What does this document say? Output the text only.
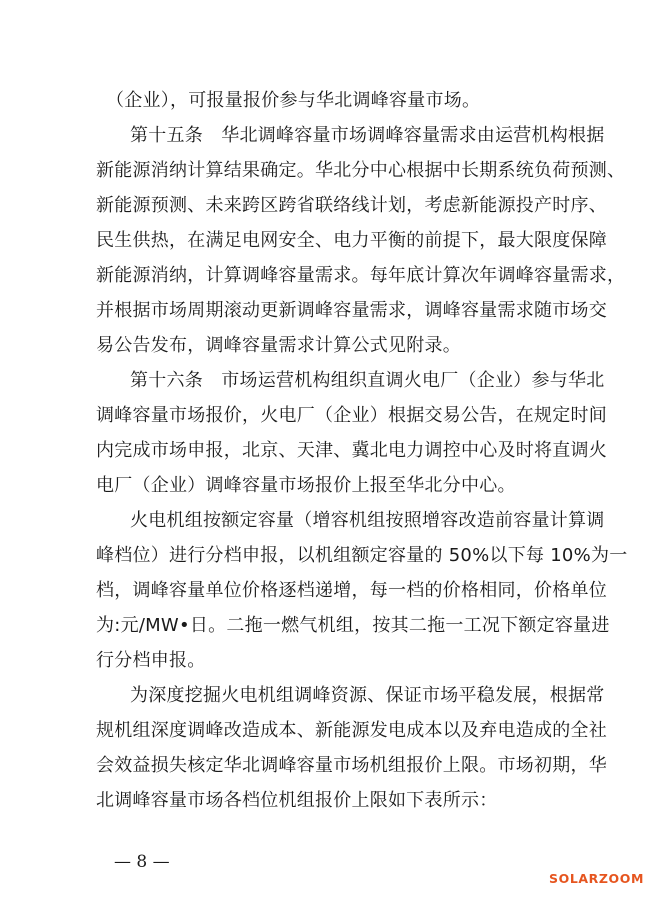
（企业），可报量报价参与华北调峰容量市场。
第十五条　华北调峰容量市场调峰容量需求由运营机构根据
新能源消纳计算结果确定。华北分中心根据中长期系统负荷预测、
新能源预测、未来跨区跨省联络线计划，考虑新能源投产时序、
民生供热，在满足电网安全、电力平衡的前提下，最大限度保障
新能源消纳，计算调峰容量需求。每年底计算次年调峰容量需求，
并根据市场周期滚动更新调峰容量需求，调峰容量需求随市场交
易公告发布，调峰容量需求计算公式见附录。
第十六条　市场运营机构组织直调火电厂（企业）参与华北
调峰容量市场报价，火电厂（企业）根据交易公告，在规定时间
内完成市场申报，北京、天津、冀北电力调控中心及时将直调火
电厂（企业）调峰容量市场报价上报至华北分中心。
火电机组按额定容量（增容机组按照增容改造前容量计算调
峰档位）进行分档申报，以机组额定容量的 50%以下每 10%为一
档，调峰容量单位价格逐档递增，每一档的价格相同，价格单位
为:元/MW•日。二拖一燃气机组，按其二拖一工况下额定容量进
行分档申报。
为深度挖掘火电机组调峰资源、保证市场平稳发展，根据常
规机组深度调峰改造成本、新能源发电成本以及弃电造成的全社
会效益损失核定华北调峰容量市场机组报价上限。市场初期，华
北调峰容量市场各档位机组报价上限如下表所示：
— 8 —
SOLARZOOM
